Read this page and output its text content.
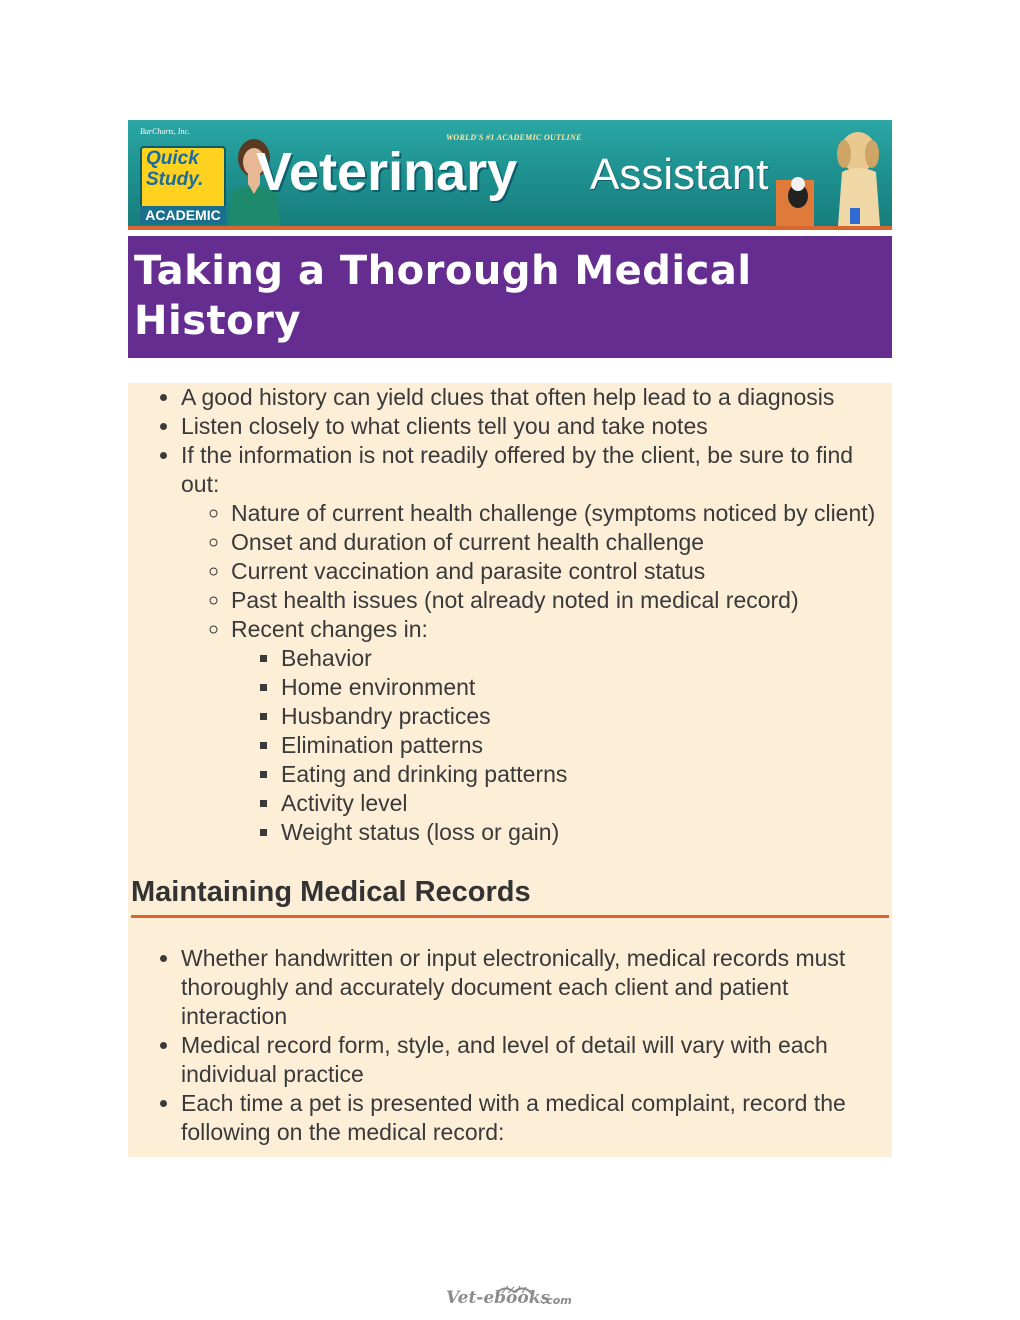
BarCharts, Inc.
WORLD'S #1 ACADEMIC OUTLINE
Quick
Study.
ACADEMIC
Veterinary Assistant
Taking a Thorough Medical History
• A good history can yield clues that often help lead to a diagnosis
• Listen closely to what clients tell you and take notes
• If the information is not readily offered by the client, be sure to find out:
◦ Nature of current health challenge (symptoms noticed by client)
◦ Onset and duration of current health challenge
◦ Current vaccination and parasite control status
◦ Past health issues (not already noted in medical record)
◦ Recent changes in:
▪ Behavior
▪ Home environment
▪ Husbandry practices
▪ Elimination patterns
▪ Eating and drinking patterns
▪ Activity level
▪ Weight status (loss or gain)
Maintaining Medical Records
• Whether handwritten or input electronically, medical records must thoroughly and accurately document each client and patient interaction
• Medical record form, style, and level of detail will vary with each individual practice
• Each time a pet is presented with a medical complaint, record the following on the medical record:
Vet-ebooks
.com
